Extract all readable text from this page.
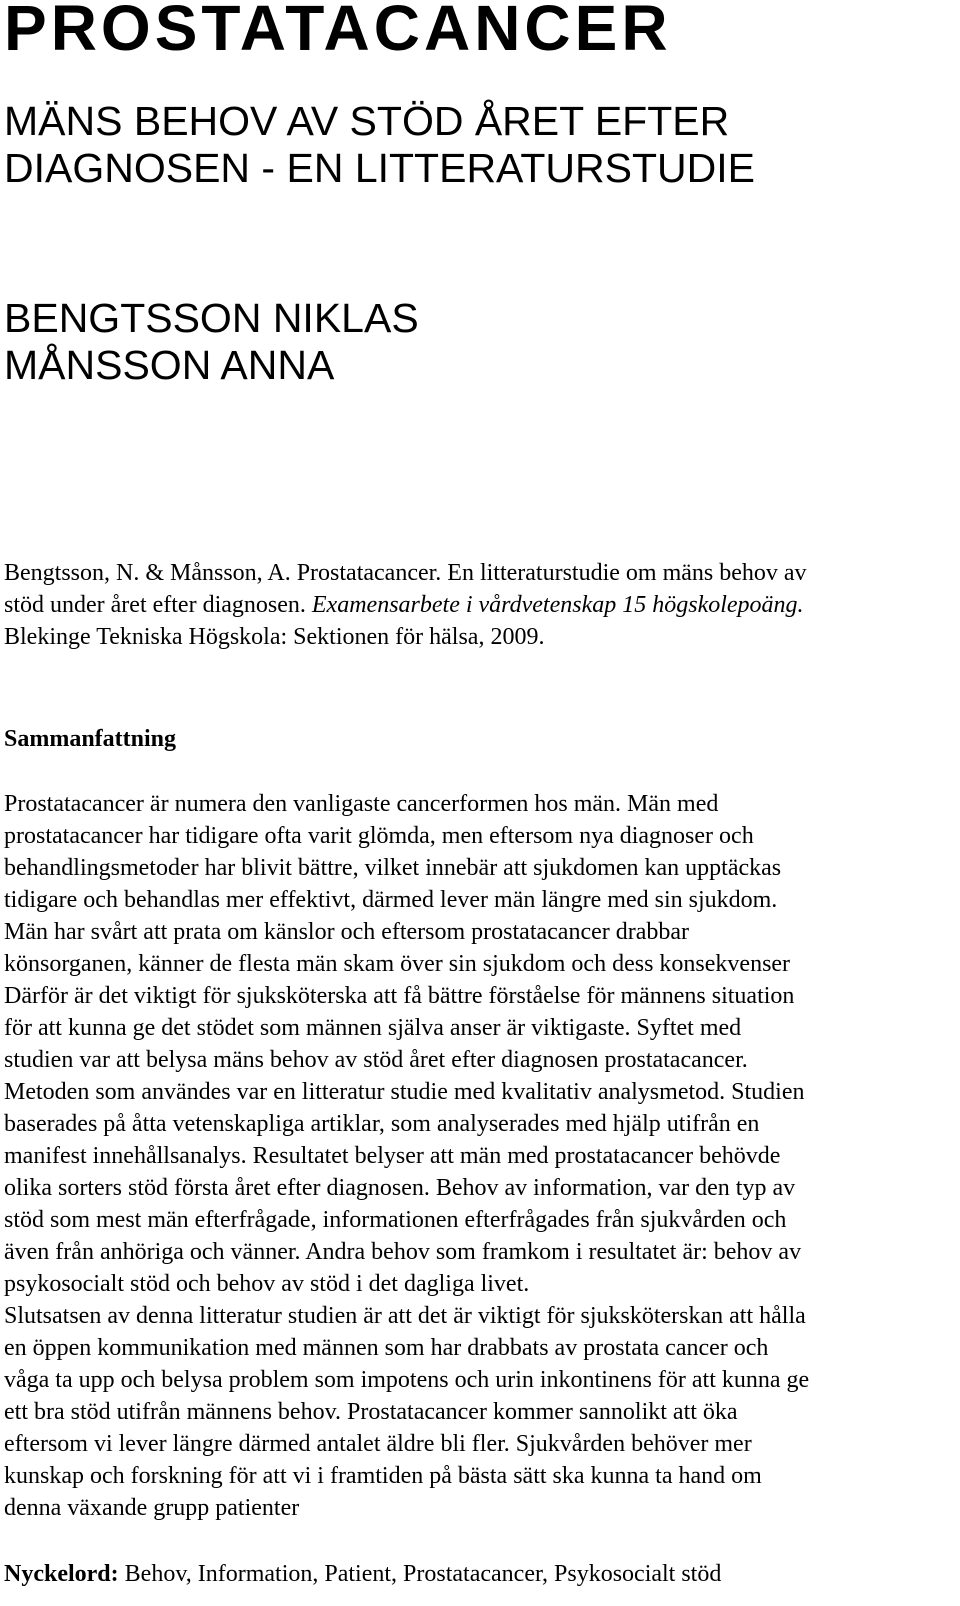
PROSTATACANCER
MÄNS BEHOV AV STÖD ÅRET EFTER
DIAGNOSEN - EN LITTERATURSTUDIE
BENGTSSON NIKLAS
MÅNSSON ANNA

Bengtsson, N. & Månsson, A. Prostatacancer. En litteraturstudie om mäns behov av
stöd under året efter diagnosen. Examensarbete i vårdvetenskap 15 högskolepoäng.
Blekinge Tekniska Högskola: Sektionen för hälsa, 2009.

Sammanfattning
Prostatacancer är numera den vanligaste cancerformen hos män. Män med
prostatacancer har tidigare ofta varit glömda, men eftersom nya diagnoser och
behandlingsmetoder har blivit bättre, vilket innebär att sjukdomen kan upptäckas
tidigare och behandlas mer effektivt, därmed lever män längre med sin sjukdom.
Män har svårt att prata om känslor och eftersom prostatacancer drabbar
könsorganen, känner de flesta män skam över sin sjukdom och dess konsekvenser
Därför är det viktigt för sjuksköterska att få bättre förståelse för männens situation
för att kunna ge det stödet som männen själva anser är viktigaste. Syftet med
studien var att belysa mäns behov av stöd året efter diagnosen prostatacancer.
Metoden som användes var en litteratur studie med kvalitativ analysmetod. Studien
baserades på åtta vetenskapliga artiklar, som analyserades med hjälp utifrån en
manifest innehållsanalys. Resultatet belyser att män med prostatacancer behövde
olika sorters stöd första året efter diagnosen. Behov av information, var den typ av
stöd som mest män efterfrågade, informationen efterfrågades från sjukvården och
även från anhöriga och vänner. Andra behov som framkom i resultatet är: behov av
psykosocialt stöd och behov av stöd i det dagliga livet.
Slutsatsen av denna litteratur studien är att det är viktigt för sjuksköterskan att hålla
en öppen kommunikation med männen som har drabbats av prostata cancer och
våga ta upp och belysa problem som impotens och urin inkontinens för att kunna ge
ett bra stöd utifrån männens behov. Prostatacancer kommer sannolikt att öka
eftersom vi lever längre därmed antalet äldre bli fler. Sjukvården behöver mer
kunskap och forskning för att vi i framtiden på bästa sätt ska kunna ta hand om
denna växande grupp patienter

Nyckelord: Behov, Information, Patient, Prostatacancer, Psykosocialt stöd
